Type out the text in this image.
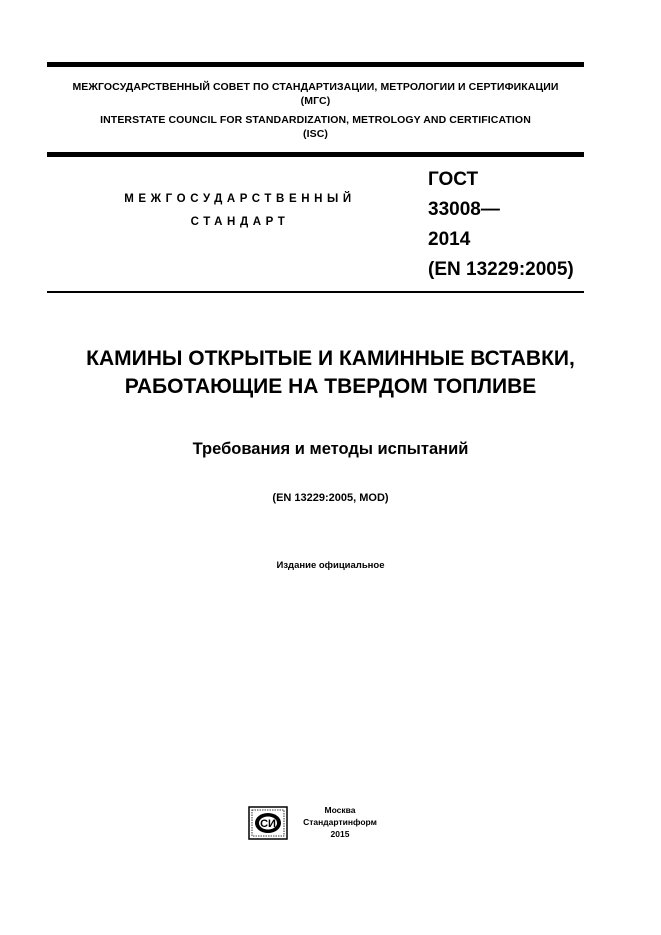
МЕЖГОСУДАРСТВЕННЫЙ СОВЕТ ПО СТАНДАРТИЗАЦИИ, МЕТРОЛОГИИ И СЕРТИФИКАЦИИ
(МГС)
INTERSTATE COUNCIL FOR STANDARDIZATION, METROLOGY AND CERTIFICATION
(ISC)
МЕЖГОСУДАРСТВЕННЫЙ
СТАНДАРТ
ГОСТ
33008—
2014
(EN 13229:2005)
КАМИНЫ ОТКРЫТЫЕ И КАМИННЫЕ ВСТАВКИ,
РАБОТАЮЩИЕ НА ТВЕРДОМ ТОПЛИВЕ
Требования и методы испытаний
(EN 13229:2005, MOD)
Издание официальное
СИ
Москва
Стандартинформ
2015
